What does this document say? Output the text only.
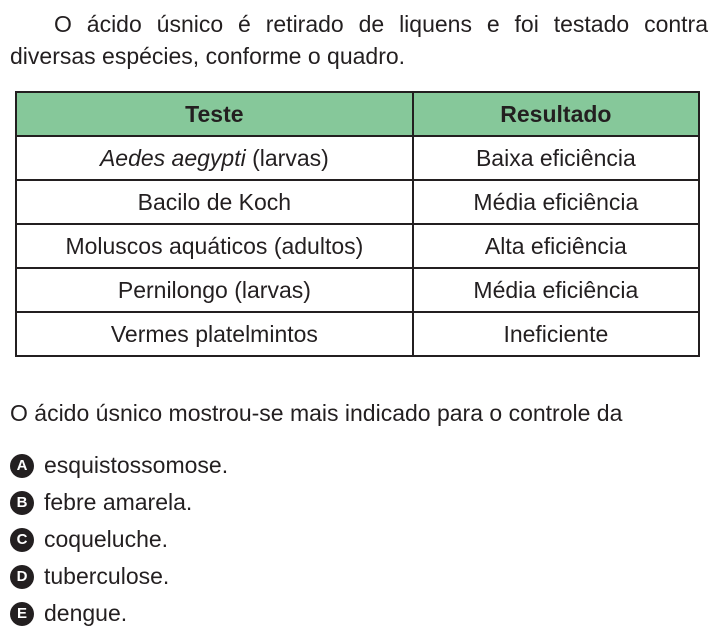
O ácido úsnico é retirado de liquens e foi testado contra diversas espécies, conforme o quadro.

Teste	Resultado
Aedes aegypti (larvas)	Baixa eficiência
Bacilo de Koch	Média eficiência
Moluscos aquáticos (adultos)	Alta eficiência
Pernilongo (larvas)	Média eficiência
Vermes platelmintos	Ineficiente

O ácido úsnico mostrou-se mais indicado para o controle da

A esquistossomose.
B febre amarela.
C coqueluche.
D tuberculose.
E dengue.
